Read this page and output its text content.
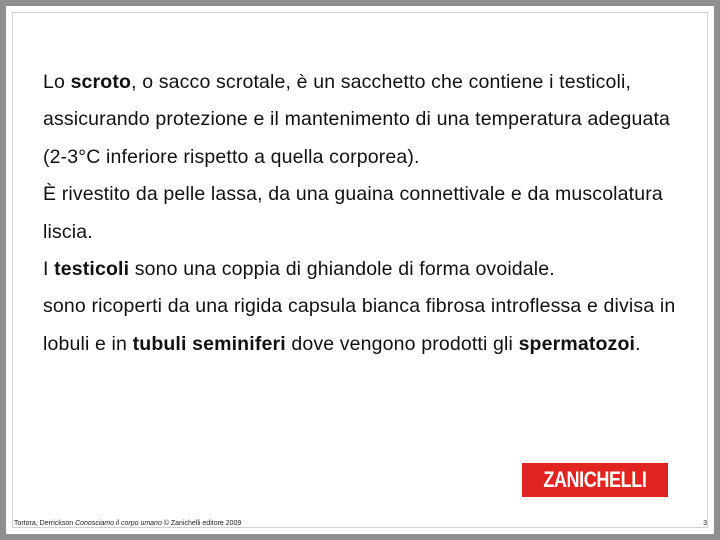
Lo scroto, o sacco scrotale, è un sacchetto che contiene i testicoli, assicurando protezione e il mantenimento di una temperatura adeguata (2-3°C inferiore rispetto a quella corporea).

È rivestito da pelle lassa, da una guaina connettivale e da muscolatura liscia.

I testicoli sono una coppia di ghiandole di forma ovoidale.

sono ricoperti da una rigida capsula bianca fibrosa introflessa e divisa in lobuli e in tubuli seminiferi dove vengono prodotti gli spermatozoi.

ZANICHELLI
Tortora, Derrickson Conosciamo il corpo umano © Zanichelli editore 2009	3
